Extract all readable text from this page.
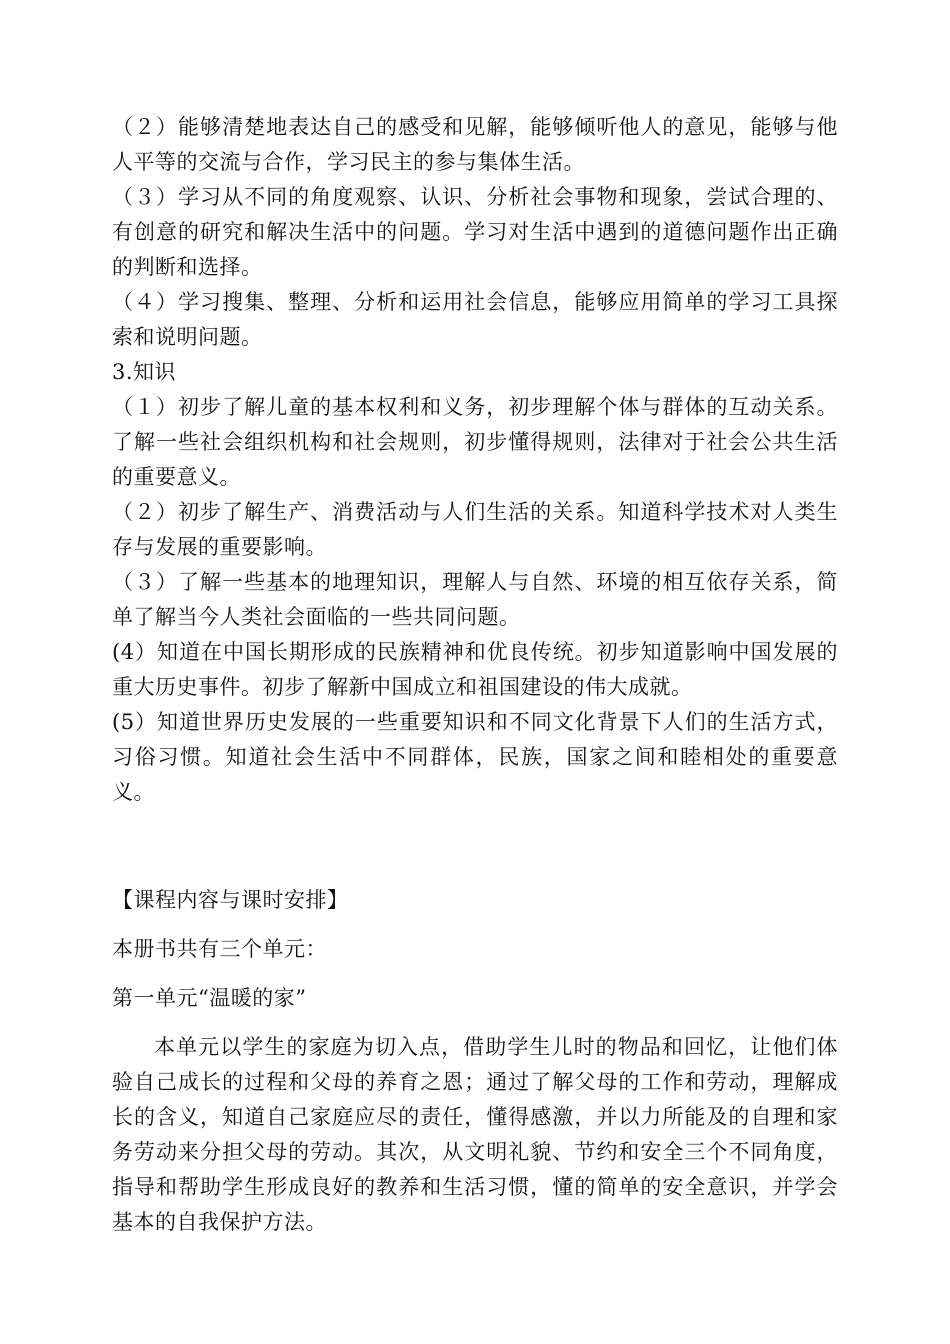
（２）能够清楚地表达自己的感受和见解，能够倾听他人的意见，能够与他人平等的交流与合作，学习民主的参与集体生活。

（３）学习从不同的角度观察、认识、分析社会事物和现象，尝试合理的、有创意的研究和解决生活中的问题。学习对生活中遇到的道德问题作出正确的判断和选择。

（４）学习搜集、整理、分析和运用社会信息，能够应用简单的学习工具探索和说明问题。

3.知识

（１）初步了解儿童的基本权利和义务，初步理解个体与群体的互动关系。了解一些社会组织机构和社会规则，初步懂得规则，法律对于社会公共生活的重要意义。

（２）初步了解生产、消费活动与人们生活的关系。知道科学技术对人类生存与发展的重要影响。

（３）了解一些基本的地理知识，理解人与自然、环境的相互依存关系，简单了解当今人类社会面临的一些共同问题。

(4）知道在中国长期形成的民族精神和优良传统。初步知道影响中国发展的重大历史事件。初步了解新中国成立和祖国建设的伟大成就。

(5）知道世界历史发展的一些重要知识和不同文化背景下人们的生活方式，习俗习惯。知道社会生活中不同群体，民族，国家之间和睦相处的重要意义。

【课程内容与课时安排】

本册书共有三个单元：

第一单元“温暖的家”

本单元以学生的家庭为切入点，借助学生儿时的物品和回忆，让他们体验自己成长的过程和父母的养育之恩；通过了解父母的工作和劳动，理解成长的含义，知道自己家庭应尽的责任，懂得感激，并以力所能及的自理和家务劳动来分担父母的劳动。其次，从文明礼貌、节约和安全三个不同角度，指导和帮助学生形成良好的教养和生活习惯，懂的简单的安全意识，并学会基本的自我保护方法。
